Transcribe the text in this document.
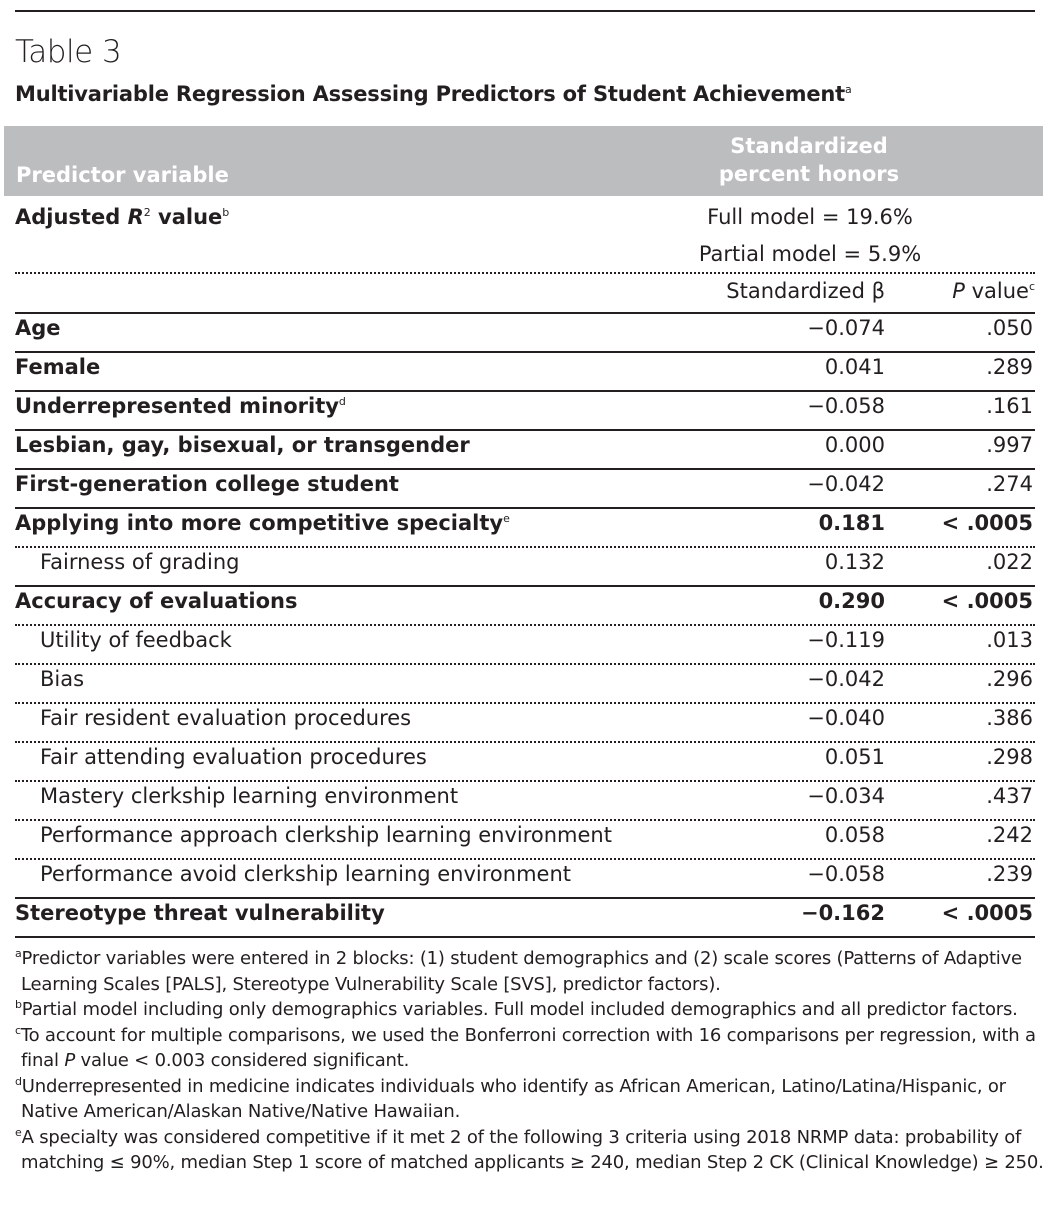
Table 3
Multivariable Regression Assessing Predictors of Student Achievement$^a$
Predictor variable
Standardized
percent honors
Adjusted $R^2$ value$^b$	Full model = 19.6%
Partial model = 5.9%
Standardized β	P value$^c$
Age	−0.074	.050
Female	0.041	.289
Underrepresented minority$^d$	−0.058	.161
Lesbian, gay, bisexual, or transgender	0.000	.997
First-generation college student	−0.042	.274
Applying into more competitive specialty$^e$	0.181	< .0005
Fairness of grading	0.132	.022
Accuracy of evaluations	0.290	< .0005
Utility of feedback	−0.119	.013
Bias	−0.042	.296
Fair resident evaluation procedures	−0.040	.386
Fair attending evaluation procedures	0.051	.298
Mastery clerkship learning environment	−0.034	.437
Performance approach clerkship learning environment	0.058	.242
Performance avoid clerkship learning environment	−0.058	.239
Stereotype threat vulnerability	−0.162	< .0005
$^a$Predictor variables were entered in 2 blocks: (1) student demographics and (2) scale scores (Patterns of Adaptive Learning Scales [PALS], Stereotype Vulnerability Scale [SVS], predictor factors).
$^b$Partial model including only demographics variables. Full model included demographics and all predictor factors.
$^c$To account for multiple comparisons, we used the Bonferroni correction with 16 comparisons per regression, with a final P value < 0.003 considered significant.
$^d$Underrepresented in medicine indicates individuals who identify as African American, Latino/Latina/Hispanic, or Native American/Alaskan Native/Native Hawaiian.
$^e$A specialty was considered competitive if it met 2 of the following 3 criteria using 2018 NRMP data: probability of matching ≤ 90%, median Step 1 score of matched applicants ≥ 240, median Step 2 CK (Clinical Knowledge) ≥ 250.
